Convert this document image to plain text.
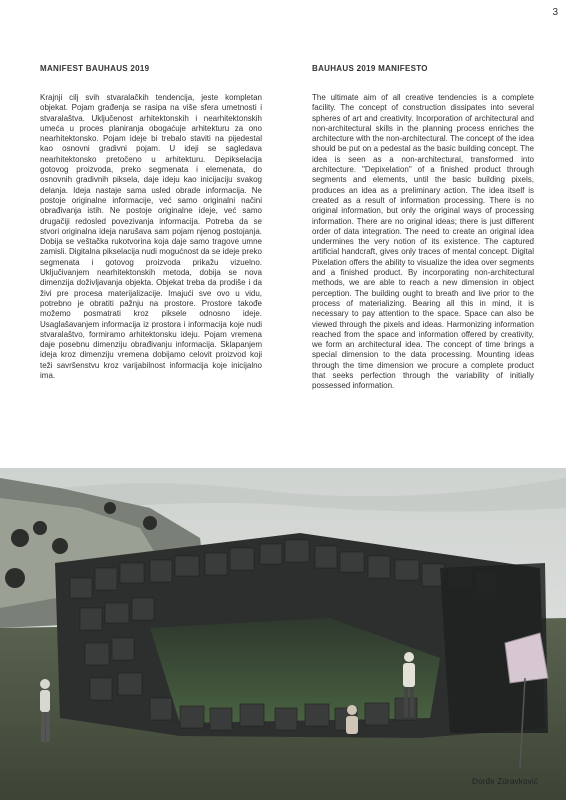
3
MANIFEST BAUHAUS 2019

Krajnji cilj svih stvaralačkih tendencija, jeste kompletan objekat. Pojam građenja se rasipa na više sfera umetnosti i stvaralaštva. Uključenost arhitektonskih i nearhitektonskih umeća u proces planiranja obogaćuje arhitekturu za ono nearhitektonsko. Pojam ideje bi trebalo staviti na pijedestal kao osnovni gradivni pojam. U ideji se sagledava nearhitektonsko pretočeno u arhitekturu. Depikselacija gotovog proizvoda, preko segmenata i elemenata, do osnovnih gradivnih piksela, daje ideju kao inicijaciju svakog delanja. Ideja nastaje sama usled obrade informacija. Ne postoje originalne informacije, već samo originalni načini obrađivanja istih. Ne postoje originalne ideje, već samo drugačiji redosled povezivanja informacija. Potreba da se stvori originalna ideja narušava sam pojam njenog postojanja. Dobija se veštačka rukotvorina koja daje samo tragove umne zamisli. Digitalna pikselacija nudi mogućnost da se ideje preko segmenata i gotovog proizvoda prikažu vizuelno. Uključivanjem nearhitektonskih metoda, dobija se nova dimenzija doživljavanja objekta. Objekat treba da prodiše i da živi pre procesa materijalizacije. Imajući sve ovo u vidu, potrebno je obratiti pažnju na prostore. Prostore takođe možemo posmatrati kroz piksele odnosno ideje. Usaglašavanjem informacija iz prostora i informacija koje nudi stvaralaštvo, formiramo arhitektonsku ideju. Pojam vremena daje posebnu dimenziju obrađivanju informacija. Sklapanjem ideja kroz dimenziju vremena dobijamo celovit proizvod koji teži savršenstvu kroz varijabilnost informacija koje inicijalno ima.

BAUHAUS 2019 MANIFESTO

The ultimate aim of all creative tendencies is a complete facility. The concept of construction dissipates into several spheres of art and creativity. Incorporation of architectural and non-architectural skills in the planning process enriches the architecture with the non-architectural. The concept of the idea should be put on a pedestal as the basic building concept. The idea is seen as a non-architectural, transformed into architecture. "Depixelation" of a finished product through segments and elements, until the basic building pixels, produces an idea as a preliminary action. The idea itself is created as a result of information processing. There is no original information, but only the original ways of processing information. There are no original ideas; there is just different order of data integration. The need to create an original idea undermines the very notion of its existence. The captured artificial handcraft, gives only traces of mental concept. Digital Pixelation offers the ability to visualize the idea over segments and a finished product. By incorporating non-architectural methods, we are able to reach a new dimension in object perception. The building ought to breath and live prior to the process of materializing. Bearing all this in mind, it is necessary to pay attention to the space. Space can also be viewed through the pixels and ideas. Harmonizing information reached from the space and information offered by creativity, we form an architectural idea. The concept of time brings a special dimension to the data processing. Mounting ideas through the time dimension we procure a complete product that seeks perfection through the variability of initially possessed information.

Đorđe Zdravković
